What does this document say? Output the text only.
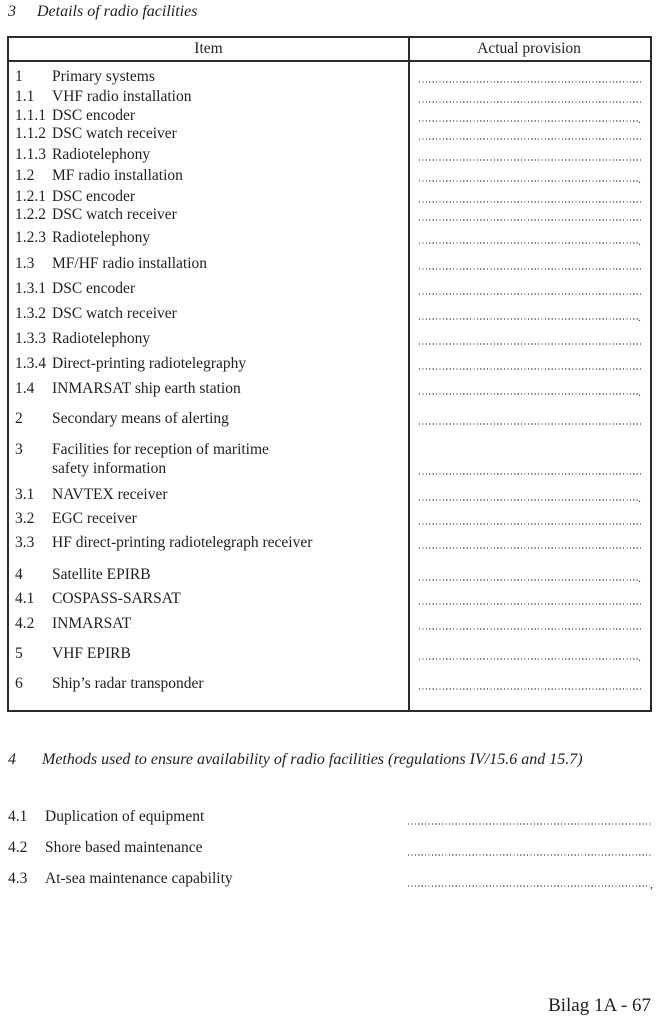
3 Details of radio facilities
Item	Actual provision
1 Primary systems
1.1 VHF radio installation
1.1.1 DSC encoder	.
1.1.2 DSC watch receiver
1.1.3 Radiotelephony
1.2 MF radio installation	.
1.2.1 DSC encoder
1.2.2 DSC watch receiver
1.2.3 Radiotelephony	.
1.3 MF/HF radio installation
1.3.1 DSC encoder
1.3.2 DSC watch receiver	.
1.3.3 Radiotelephony
1.3.4 Direct-printing radiotelegraphy
1.4 INMARSAT ship earth station	.
2 Secondary means of alerting
3 Facilities for reception of maritime
safety information
3.1 NAVTEX receiver	.
3.2 EGC receiver
3.3 HF direct-printing radiotelegraph receiver
4 Satellite EPIRB	.
4.1 COSPASS-SARSAT
4.2 INMARSAT
5 VHF EPIRB	.
6 Ship’s radar transponder
4 Methods used to ensure availability of radio facilities (regulations IV/15.6 and 15.7)
4.1 Duplication of equipment
4.2 Shore based maintenance
4.3 At-sea maintenance capability	,
Bilag 1A - 67
